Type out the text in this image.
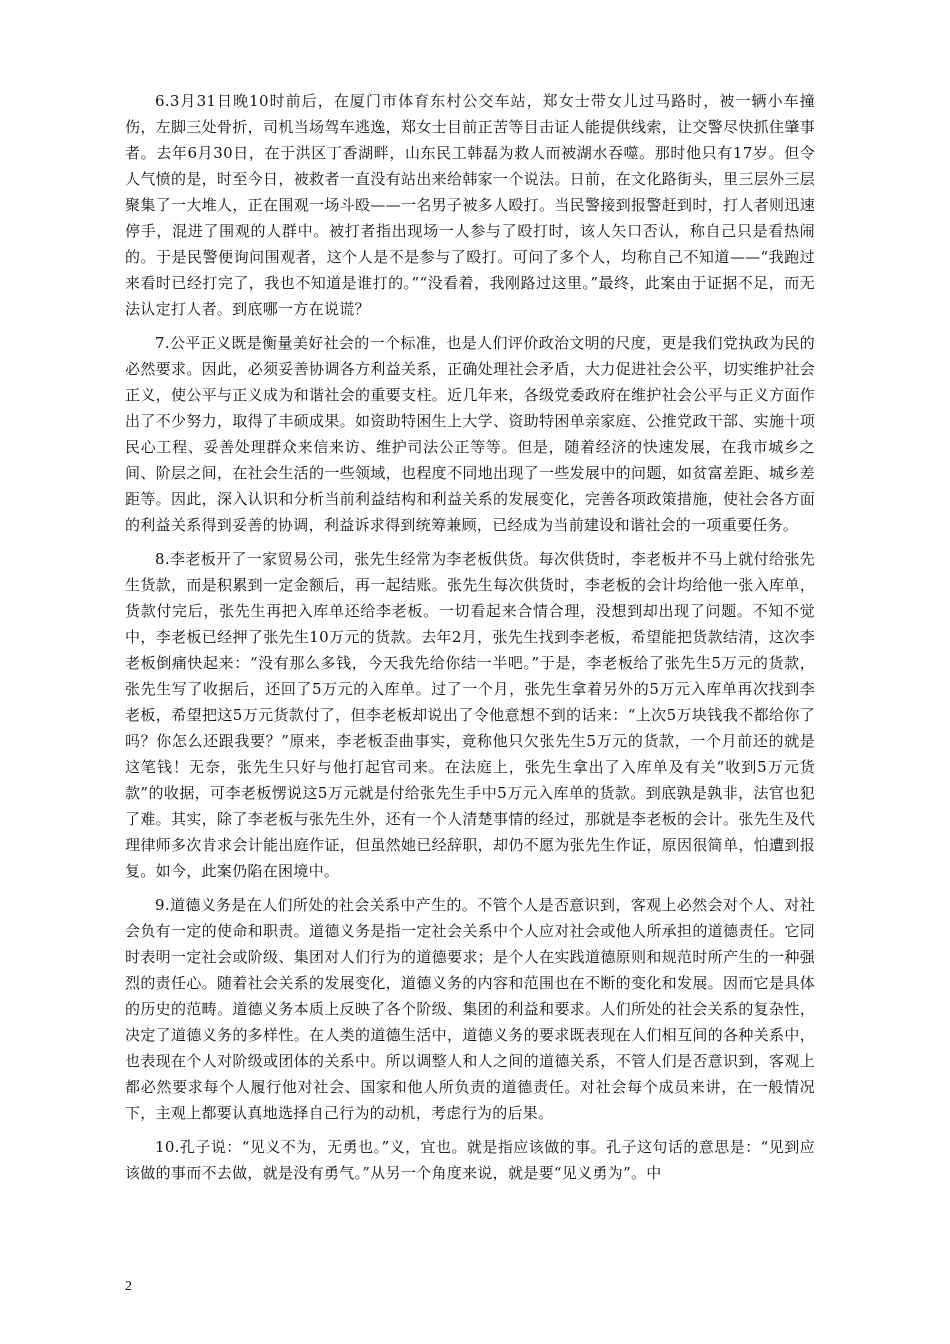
6.3月31日晚10时前后，在厦门市体育东村公交车站，郑女士带女儿过马路时，被一辆小车撞伤，左脚三处骨折，司机当场驾车逃逸，郑女士目前正苦等目击证人能提供线索，让交警尽快抓住肇事者。去年6月30日，在于洪区丁香湖畔，山东民工韩磊为救人而被湖水吞噬。那时他只有17岁。但令人气愤的是，时至今日，被救者一直没有站出来给韩家一个说法。日前，在文化路街头，里三层外三层聚集了一大堆人，正在围观一场斗殴——一名男子被多人殴打。当民警接到报警赶到时，打人者则迅速停手，混进了围观的人群中。被打者指出现场一人参与了殴打时，该人矢口否认，称自己只是看热闹的。于是民警便询问围观者，这个人是不是参与了殴打。可问了多个人，均称自己不知道——“我跑过来看时已经打完了，我也不知道是谁打的。”“没看着，我刚路过这里。”最终，此案由于证据不足，而无法认定打人者。到底哪一方在说谎？

7.公平正义既是衡量美好社会的一个标准，也是人们评价政治文明的尺度，更是我们党执政为民的必然要求。因此，必须妥善协调各方利益关系，正确处理社会矛盾，大力促进社会公平，切实维护社会正义，使公平与正义成为和谐社会的重要支柱。近几年来，各级党委政府在维护社会公平与正义方面作出了不少努力，取得了丰硕成果。如资助特困生上大学、资助特困单亲家庭、公推党政干部、实施十项民心工程、妥善处理群众来信来访、维护司法公正等等。但是，随着经济的快速发展，在我市城乡之间、阶层之间，在社会生活的一些领域，也程度不同地出现了一些发展中的问题，如贫富差距、城乡差距等。因此，深入认识和分析当前利益结构和利益关系的发展变化，完善各项政策措施，使社会各方面的利益关系得到妥善的协调，利益诉求得到统筹兼顾，已经成为当前建设和谐社会的一项重要任务。

8.李老板开了一家贸易公司，张先生经常为李老板供货。每次供货时，李老板并不马上就付给张先生货款，而是积累到一定金额后，再一起结账。张先生每次供货时，李老板的会计均给他一张入库单，货款付完后，张先生再把入库单还给李老板。一切看起来合情合理，没想到却出现了问题。不知不觉中，李老板已经押了张先生10万元的货款。去年2月，张先生找到李老板，希望能把货款结清，这次李老板倒痛快起来：“没有那么多钱，今天我先给你结一半吧。”于是，李老板给了张先生5万元的货款，张先生写了收据后，还回了5万元的入库单。过了一个月，张先生拿着另外的5万元入库单再次找到李老板，希望把这5万元货款付了，但李老板却说出了令他意想不到的话来：“上次5万块钱我不都给你了吗？你怎么还跟我要？”原来，李老板歪曲事实，竟称他只欠张先生5万元的货款，一个月前还的就是这笔钱！无奈，张先生只好与他打起官司来。在法庭上，张先生拿出了入库单及有关“收到5万元货款”的收据，可李老板愣说这5万元就是付给张先生手中5万元入库单的货款。到底孰是孰非，法官也犯了难。其实，除了李老板与张先生外，还有一个人清楚事情的经过，那就是李老板的会计。张先生及代理律师多次肯求会计能出庭作证，但虽然她已经辞职，却仍不愿为张先生作证，原因很简单，怕遭到报复。如今，此案仍陷在困境中。

9.道德义务是在人们所处的社会关系中产生的。不管个人是否意识到，客观上必然会对个人、对社会负有一定的使命和职责。道德义务是指一定社会关系中个人应对社会或他人所承担的道德责任。它同时表明一定社会或阶级、集团对人们行为的道德要求；是个人在实践道德原则和规范时所产生的一种强烈的责任心。随着社会关系的发展变化，道德义务的内容和范围也在不断的变化和发展。因而它是具体的历史的范畴。道德义务本质上反映了各个阶级、集团的利益和要求。人们所处的社会关系的复杂性，决定了道德义务的多样性。在人类的道德生活中，道德义务的要求既表现在人们相互间的各种关系中，也表现在个人对阶级或团体的关系中。所以调整人和人之间的道德关系，不管人们是否意识到，客观上都必然要求每个人履行他对社会、国家和他人所负责的道德责任。对社会每个成员来讲，在一般情况下，主观上都要认真地选择自己行为的动机，考虑行为的后果。

10.孔子说：“见义不为，无勇也。”义，宜也。就是指应该做的事。孔子这句话的意思是：“见到应该做的事而不去做，就是没有勇气。”从另一个角度来说，就是要“见义勇为”。中

2
